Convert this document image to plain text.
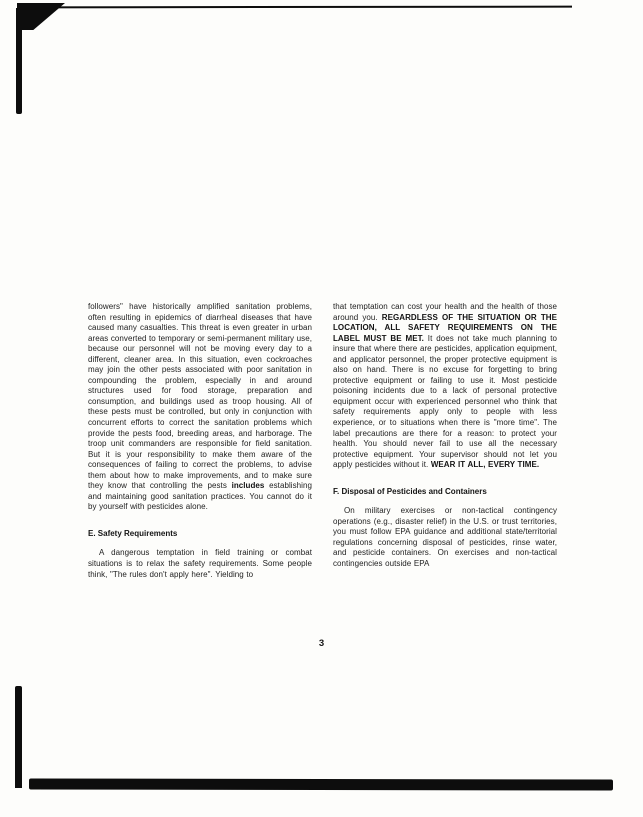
followers" have historically amplified sanitation problems, often resulting in epidemics of diarrheal diseases that have caused many casualties. This threat is even greater in urban areas converted to temporary or semi-permanent military use, because our personnel will not be moving every day to a different, cleaner area. In this situation, even cockroaches may join the other pests associated with poor sanitation in compounding the problem, especially in and around structures used for food storage, preparation and consumption, and buildings used as troop housing. All of these pests must be controlled, but only in conjunction with concurrent efforts to correct the sanitation problems which provide the pests food, breeding areas, and harborage. The troop unit commanders are responsible for field sanitation. But it is your responsibility to make them aware of the consequences of failing to correct the problems, to advise them about how to make improvements, and to make sure they know that controlling the pests includes establishing and maintaining good sanitation practices. You cannot do it by yourself with pesticides alone.

E. Safety Requirements

A dangerous temptation in field training or combat situations is to relax the safety requirements. Some people think, "The rules don't apply here". Yielding to

that temptation can cost your health and the health of those around you. REGARDLESS OF THE SITUATION OR THE LOCATION, ALL SAFETY REQUIREMENTS ON THE LABEL MUST BE MET. It does not take much planning to insure that where there are pesticides, application equipment, and applicator personnel, the proper protective equipment is also on hand. There is no excuse for forgetting to bring protective equipment or failing to use it. Most pesticide poisoning incidents due to a lack of personal protective equipment occur with experienced personnel who think that safety requirements apply only to people with less experience, or to situations when there is "more time". The label precautions are there for a reason: to protect your health. You should never fail to use all the necessary protective equipment. Your supervisor should not let you apply pesticides without it. WEAR IT ALL, EVERY TIME.

F. Disposal of Pesticides and Containers

On military exercises or non-tactical contingency operations (e.g., disaster relief) in the U.S. or trust territories, you must follow EPA guidance and additional state/territorial regulations concerning disposal of pesticides, rinse water, and pesticide containers. On exercises and non-tactical contingencies outside EPA

3
